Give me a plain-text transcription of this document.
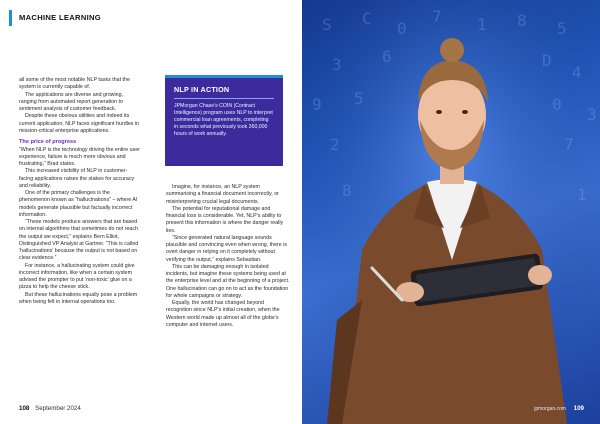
MACHINE LEARNING

all some of the most notable NLP tasks that the system is currently capable of.

The applications are diverse and growing, ranging from automated report generation to sentiment analysis of customer feedback.

Despite these obvious utilities and indeed its current application, NLP faces significant hurdles in mission-critical enterprise applications.

The price of progress

“When NLP is the technology driving the entire user experience, failure is much more obvious and frustrating,” Brad states.

This increased visibility of NLP in customer-facing applications raises the stakes for accuracy and reliability.

One of the primary challenges is the phenomenon known as “hallucinations” – where AI models generate plausible but factually incorrect information.

“These models produce answers that are based on internal algorithms that sometimes do not reach the output we expect,” explains Bern Elliot, Distinguished VP Analyst at Gartner. “This is called ‘hallucinations’ because the output is not based on clear evidence.”

For instance, a hallucinating system could give incorrect information, like when a certain system advised the prompter to put ‘non-toxic’ glue on a pizza to help the cheese stick.

But these hallucinations equally pose a problem when being felt in internal operations too.

NLP IN ACTION
JPMorgan Chase’s COIN (Contract Intelligence) program uses NLP to interpret commercial loan agreements, completing in seconds what previously took 360,000 hours of work annually.

Imagine, for instance, an NLP system summarising a financial document incorrectly, or misinterpreting crucial legal documents.

The potential for reputational damage and financial loss is considerable. Yet, NLP’s ability to present this information is where the danger really lies.

“Since generated natural language sounds plausible and convincing even when wrong, there is overt danger in relying on it completely without verifying the output,” explains Sebastian.

This can be damaging enough in isolated incidents, but imagine these systems being used at the enterprise level and at the beginning of a project. One hallucination can go on to act as the foundation for whole campaigns or strategy.

Equally, the world has changed beyond recognition since NLP’s initial creation, when the Western world made up almost all of the globe’s computer and internet users.

108 September 2024
S C
0
7 1 8 5
3	6	D
4
9 5	0
3
2	7
8	1
jpmorgan.com 109
